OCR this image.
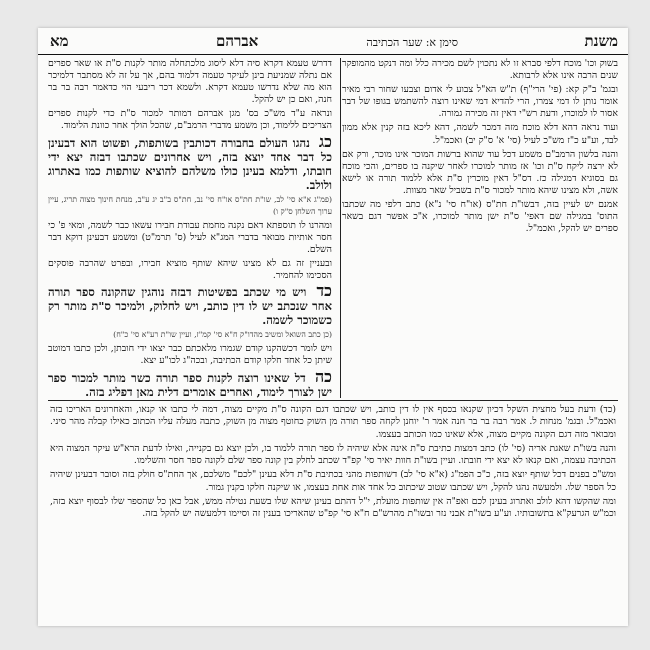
משנת
סימן א: שער הכתיבה
אברהם
מא

בשוק וכו' מוכח דלפי סברא זו לא נתכוין לשם מכירה כלל ומה דנקט מהמופקר שנים הרבה אינו אלא לרבותא.

ובגמ' ב"ק קא: (פי' הרי"ף) ת"ש הא"ל צבוע לי אדום וצבעו שחור רבי מאיר אומר נותן לו דמי צמרו, הרי להדיא דמי שאינו רוצה להשתמש בגופו של דבר אסור לו למוכרו, ודעת רש"י דאין זה מכירה גמורה.

ועוד נראה דהא דלא מוכח מזה דמכר לשמה, דהא ליכא בזה קנין אלא ממון לבד, וע"ע כ"ז מש"כ לעיל (סי' א' ס"ק יב) ואכמ"ל.

והנה בלשון הרמב"ם משמע דכל עוד שהוא ברשות המוכר אינו מוכר, ורק אם לא ירצה ליקח ס"ת וכו' אז מותר למוכרו לאחר שיקנה בו ספרים, והכי מוכח גם בסוגיא דמגילה כז. דס"ל דאין מוכרין ס"ת אלא ללמוד תורה או לישא אשה, ולא מצינו שיהא מותר למכור ס"ת בשביל שאר מצוות.

אמנם יש לעיין בזה, דבשו"ת חת"ס (או"ח סי' נ"א) כתב דלפי מה שכתבו התוס' במגילה שם דאפי' ס"ת ישן מותר למוכרו, א"כ אפשר דגם בשאר ספרים יש להקל, ואכמ"ל.

דדרש טעמא דקרא סיה דלא ליסוג מלכתחלה מותר לקנות ס"ת או שאר ספרים אם נתלה שמניעת בינן לעיקר טעמה דלמוד בהם, אך על זה לא מסתבר דלמיכר הוא מה שלא נדרשו טעמא דקרא. ולשמא דכר ריבעי הוי כדאמר רבה בר בר חנה, ואם כן יש להקל.

ונראה ע"ד מש"כ בס' מגן אברהם דמותר למכור ס"ת כדי לקנות ספרים הצריכים ללימוד, וכן משמע מדברי הרמב"ם, שהכל הולך אחר כוונת הלימוד.

כג נהגו העולם בחבורה דכותבין בשותפות, ופשוט הוא דבעינן כל דבר אחד יוצא בזה, ויש אחרונים שכתבו דבזה יצא ידי חובתו, ודלמא בעינן כולו משלהם להוציא שותפות כמו באתרוג ולולב.

(פמ"ג א"א סי' לב, שו"ת חת"ס או"ח סי' נב, חת"ס ב"ב יג ע"ב, מנחת חינוך מצוה תריג, עיין ערוך השלחן ס"ק ו)

ומהרנו לו תוספתא דאם נקנה מחמת עבודת חבירו עשאו כבר לשמה, ומאי פ' כי חסר אותיות מבואר בדברי המג"א לעיל (ס' תרמ"ט) ומשמע דבעינן דוקא דבר השלם.

ובעניין זה גם לא מצינו שיהא שותף מוציא חבירו, ובפרט שהרבה פוסקים הסכימו להחמיר.

כד ויש מי שכתב בפשיטות דבזה נוהגין שהקונה ספר תורה אחר שנכתב יש לו דין כותב, ויש לחלוק, ולמיכר ס"ת מותר רק כשמוכר לשמה.

(כן כתב השואל ומשיב מהדו"ק ח"א סי' קמ"ז, ועיין שו"ת רע"א סי' כ"ח)

ויש לומר דכשהקנו קודם שגמרו מלאכתם כבר יצאו ידי חובתן, ולכן כתבו דמוטב שיתן כל אחד חלקו קודם הכתיבה, ובכה"ג לכו"ע יצא.

כה דל שאינו רוצה לקנות ספר תורה כשר מותר למכור ספר ישן לצורך לימוד, ואחרים אומרים דלית מאן דפליג בזה.

(כד) ודעת בעל מחצית השקל דכיון שקנאו בכסף אין לו דין כותב, ויש שכתבו דגם הקונה ס"ת מקיים מצוה, דמה לי כתבו או קנאו, והאחרונים האריכו בזה ואכמ"ל. ובגמ' מנחות ל. אמר רבה בר בר חנה אמר ר' יוחנן לקחה ספר תורה מן השוק כחוטף מצוה מן השוק, כתבה מעלה עליו הכתוב כאילו קבלה מהר סיני. ומבואר מזה דגם הקונה מקיים מצוה, אלא שאינו כמו הכותב בעצמו.

והנה בשו"ת שאגת אריה (סי' לו) כתב דמצות כתיבת ס"ת אינה אלא שיהיה לו ספר תורה ללמוד בו, ולכן יוצא גם בקנייה, ואילו לדעת הרא"ש עיקר המצוה היא הכתיבה עצמה, ואם קנאו לא יצא ידי חובתו. ועיין בשו"ת חוות יאיר סי' קפ"ד שכתב לחלק בין קונה ספר שלם לקונה ספר חסר והשלימו.

ומש"כ בפנים דכל שותף יוצא בזה, כ"כ הפמ"ג (א"א סי' לב) דשותפות מהני בכתיבת ס"ת דלא בעינן "לכם" משלכם, אך החת"ס חולק בזה וסובר דבעינן שיהיה כל הספר שלו. ולמעשה נהגו להקל, ויש שכתבו שטוב שיכתוב כל אחד אות אחת בעצמו, או שיקנה חלקו בקנין גמור.

ומה שהקשו דהא לולב ואתרוג בעינן לכם ואפ"ה אין שותפות מועלת, י"ל דהתם בעינן שיהא שלו בשעת נטילה ממש, אבל כאן כל שהספר שלו לבסוף יוצא בזה, וכמ"ש הגרעק"א בתשובותיו. וע"ע בשו"ת אבני נזר ובשו"ת מהרש"ם ח"א סי' קפ"ט שהאריכו בענין זה וסיימו דלמעשה יש להקל בזה.
